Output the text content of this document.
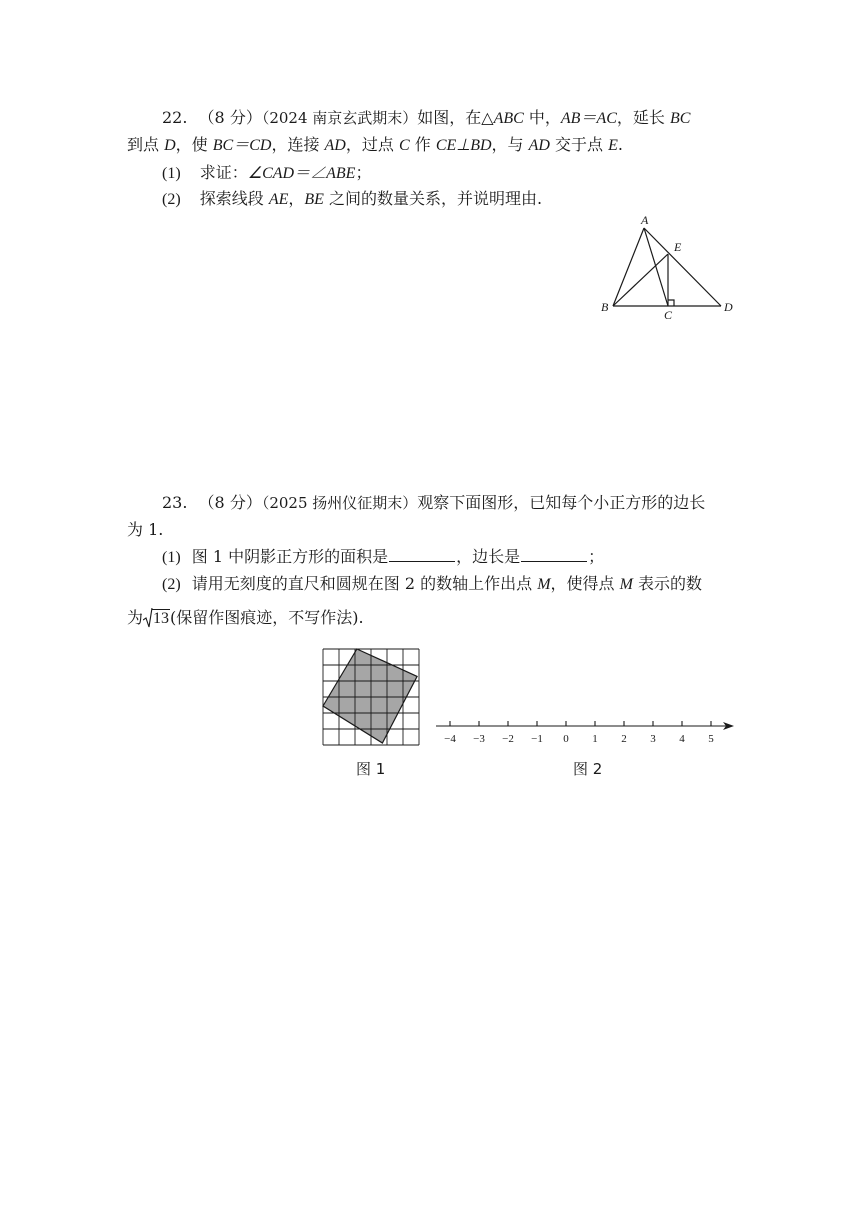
22. （8 分）（2024 南京玄武期末）如图，在△ABC 中，AB＝AC，延长 BC
到点 D，使 BC＝CD，连接 AD，过点 C 作 CE⊥BD，与 AD 交于点 E.
(1) 求证：∠CAD＝∠ABE；
(2) 探索线段 AE，BE 之间的数量关系，并说明理由.
A
B
C
D
E
23. （8 分）（2025 扬州仪征期末）观察下面图形，已知每个小正方形的边长
为 1.
(1) 图 1 中阴影正方形的面积是	，边长是	；
(2) 请用无刻度的直尺和圆规在图 2 的数轴上作出点 M，使得点 M 表示的数
为 13(保留作图痕迹，不写作法).
−4 −3 −2 −1 0 1 2 3 4 5
图 1	图 2
